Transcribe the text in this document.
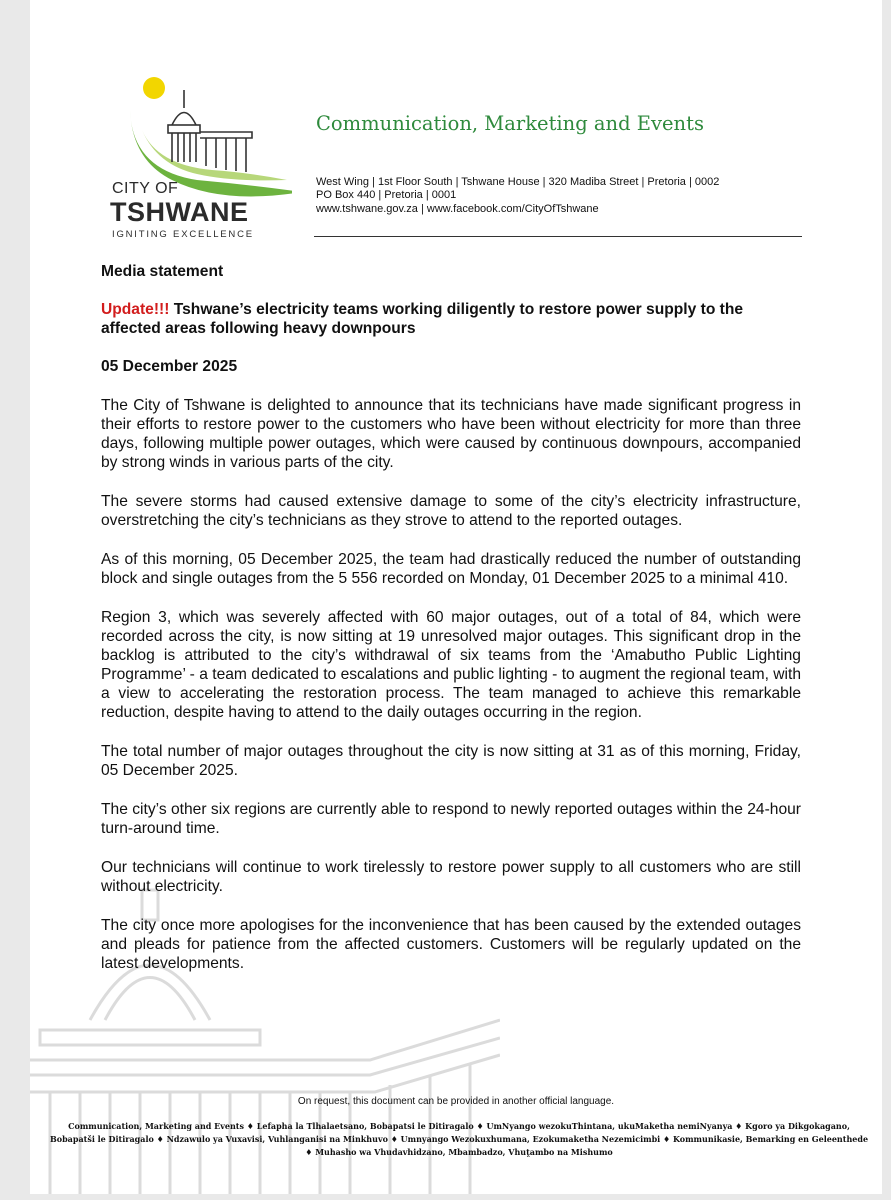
CITY OF
TSHWANE
IGNITING EXCELLENCE
Communication, Marketing and Events
West Wing | 1st Floor South | Tshwane House | 320 Madiba Street | Pretoria | 0002
PO Box 440 | Pretoria | 0001
www.tshwane.gov.za | www.facebook.com/CityOfTshwane

Media statement

Update!!! Tshwane’s electricity teams working diligently to restore power supply to the affected areas following heavy downpours

05 December 2025

The City of Tshwane is delighted to announce that its technicians have made significant progress in their efforts to restore power to the customers who have been without electricity for more than three days, following multiple power outages, which were caused by continuous downpours, accompanied by strong winds in various parts of the city.

The severe storms had caused extensive damage to some of the city’s electricity infrastructure, overstretching the city’s technicians as they strove to attend to the reported outages.

As of this morning, 05 December 2025, the team had drastically reduced the number of outstanding block and single outages from the 5 556 recorded on Monday, 01 December 2025 to a minimal 410.

Region 3, which was severely affected with 60 major outages, out of a total of 84, which were recorded across the city, is now sitting at 19 unresolved major outages. This significant drop in the backlog is attributed to the city’s withdrawal of six teams from the ‘Amabutho Public Lighting Programme’ - a team dedicated to escalations and public lighting - to augment the regional team, with a view to accelerating the restoration process. The team managed to achieve this remarkable reduction, despite having to attend to the daily outages occurring in the region.

The total number of major outages throughout the city is now sitting at 31 as of this morning, Friday, 05 December 2025.

The city’s other six regions are currently able to respond to newly reported outages within the 24-hour turn-around time.

Our technicians will continue to work tirelessly to restore power supply to all customers who are still without electricity.

The city once more apologises for the inconvenience that has been caused by the extended outages and pleads for patience from the affected customers. Customers will be regularly updated on the latest developments.

On request, this document can be provided in another official language.
Communication, Marketing and Events ♦ Lefapha la Tlhalaetsano, Bobapatsi le Ditiragalo ♦ UmNyango wezokuThintana, ukuMaketha nemiNyanya ♦ Kgoro ya Dikgokagano, Bobapatši le Ditiragalo ♦ Ndzawulo ya Vuxavisi, Vuhlanganisi na Minkhuvo ♦ Umnyango Wezokuxhumana, Ezokumaketha Nezemicimbi ♦ Kommunikasie, Bemarking en Geleenthede ♦ Muhasho wa Vhudavhidzano, Mbambadzo, Vhuṱambo na Mishumo
